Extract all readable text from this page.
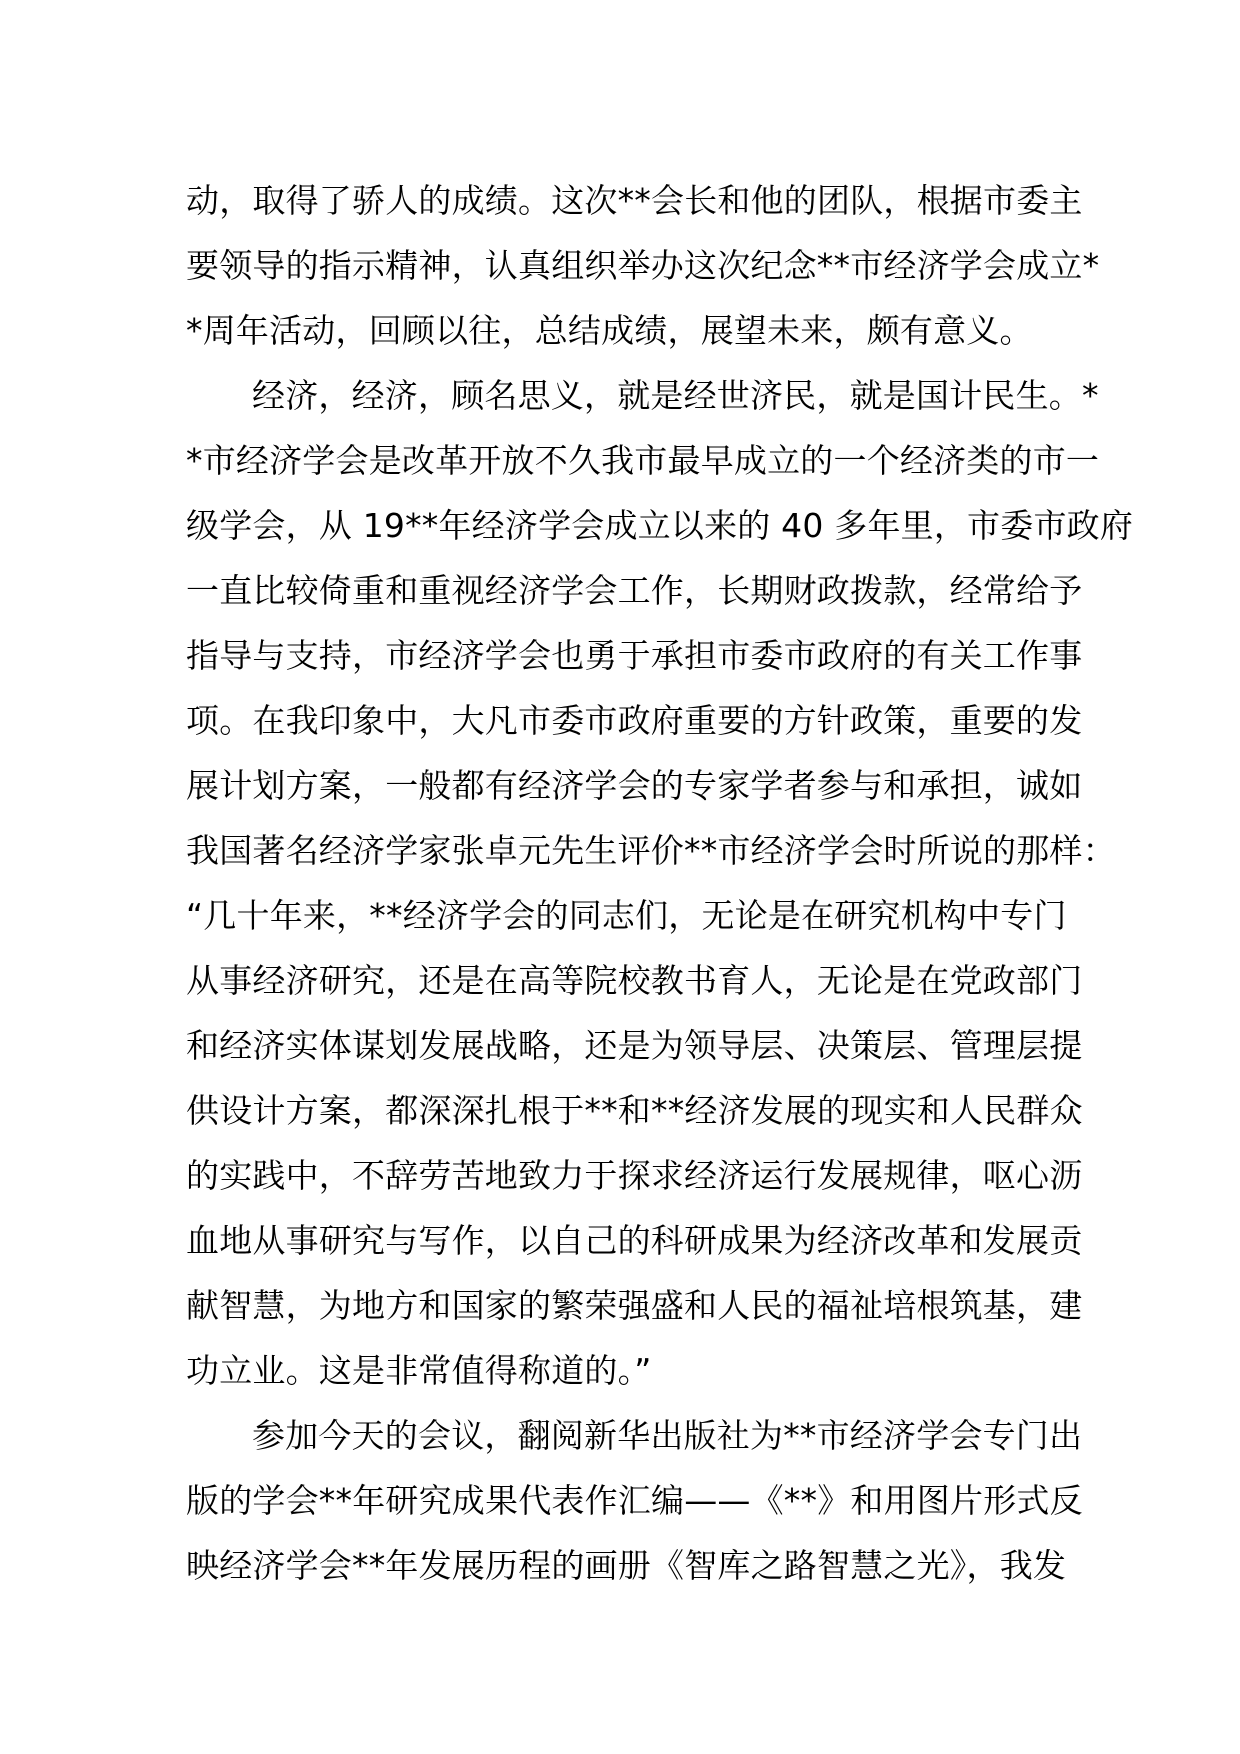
动，取得了骄人的成绩。这次**会长和他的团队，根据市委主
要领导的指示精神，认真组织举办这次纪念**市经济学会成立*
*周年活动，回顾以往，总结成绩，展望未来，颇有意义。
经济，经济，顾名思义，就是经世济民，就是国计民生。*
*市经济学会是改革开放不久我市最早成立的一个经济类的市一
级学会，从 19**年经济学会成立以来的 40 多年里，市委市政府
一直比较倚重和重视经济学会工作，长期财政拨款，经常给予
指导与支持，市经济学会也勇于承担市委市政府的有关工作事
项。在我印象中，大凡市委市政府重要的方针政策，重要的发
展计划方案，一般都有经济学会的专家学者参与和承担，诚如
我国著名经济学家张卓元先生评价**市经济学会时所说的那样：
“几十年来，**经济学会的同志们，无论是在研究机构中专门
从事经济研究，还是在高等院校教书育人，无论是在党政部门
和经济实体谋划发展战略，还是为领导层、决策层、管理层提
供设计方案，都深深扎根于**和**经济发展的现实和人民群众
的实践中，不辞劳苦地致力于探求经济运行发展规律，呕心沥
血地从事研究与写作，以自己的科研成果为经济改革和发展贡
献智慧，为地方和国家的繁荣强盛和人民的福祉培根筑基，建
功立业。这是非常值得称道的。”
参加今天的会议，翻阅新华出版社为**市经济学会专门出
版的学会**年研究成果代表作汇编——《**》和用图片形式反
映经济学会**年发展历程的画册《智库之路智慧之光》，我发
